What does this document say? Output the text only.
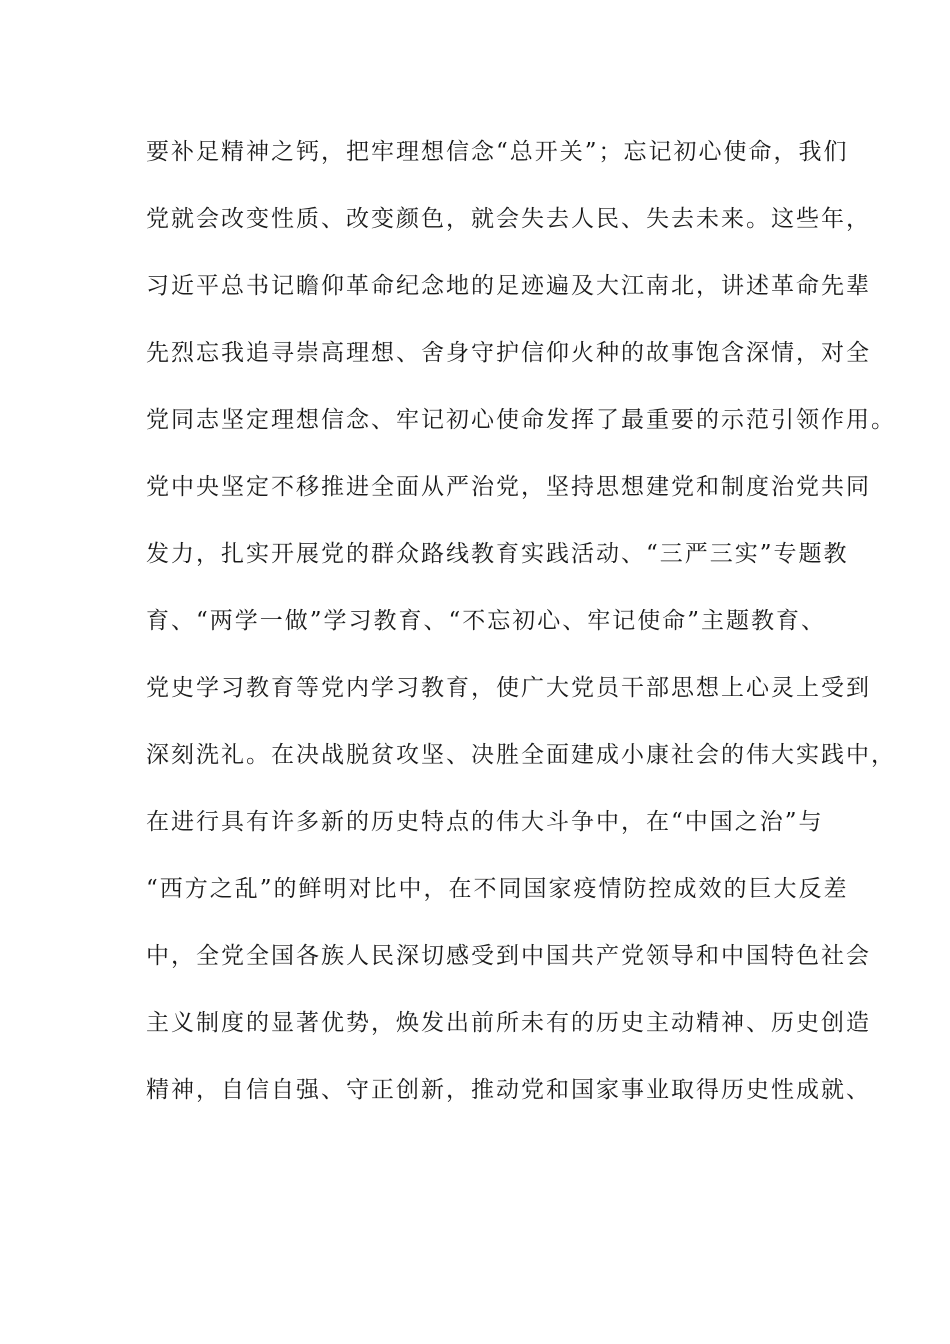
要补足精神之钙，把牢理想信念“总开关”；忘记初心使命，我们
党就会改变性质、改变颜色，就会失去人民、失去未来。这些年，
习近平总书记瞻仰革命纪念地的足迹遍及大江南北，讲述革命先辈
先烈忘我追寻崇高理想、舍身守护信仰火种的故事饱含深情，对全
党同志坚定理想信念、牢记初心使命发挥了最重要的示范引领作用。
党中央坚定不移推进全面从严治党，坚持思想建党和制度治党共同
发力，扎实开展党的群众路线教育实践活动、“三严三实”专题教
育、“两学一做”学习教育、“不忘初心、牢记使命”主题教育、
党史学习教育等党内学习教育，使广大党员干部思想上心灵上受到
深刻洗礼。在决战脱贫攻坚、决胜全面建成小康社会的伟大实践中，
在进行具有许多新的历史特点的伟大斗争中，在“中国之治”与
“西方之乱”的鲜明对比中，在不同国家疫情防控成效的巨大反差
中，全党全国各族人民深切感受到中国共产党领导和中国特色社会
主义制度的显著优势，焕发出前所未有的历史主动精神、历史创造
精神，自信自强、守正创新，推动党和国家事业取得历史性成就、
